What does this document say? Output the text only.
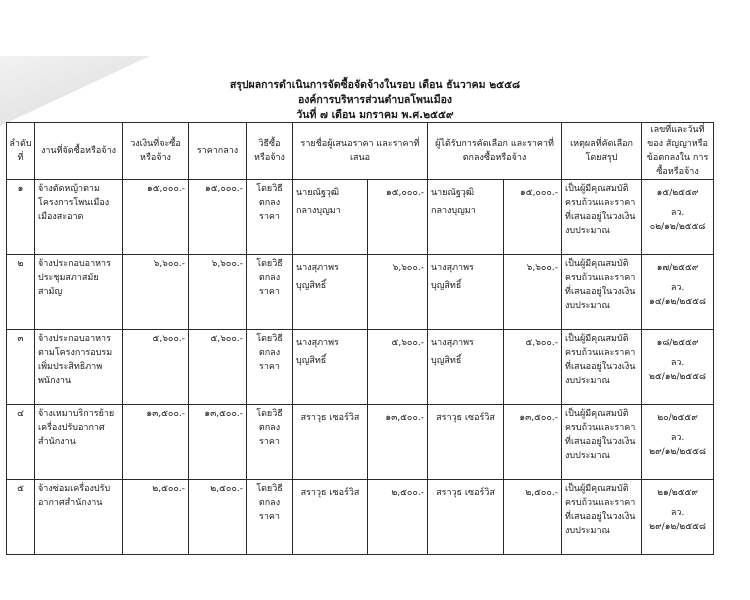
สรุปผลการดำเนินการจัดซื้อจัดจ้างในรอบ เดือน ธันวาคม ๒๕๕๘
องค์การบริหารส่วนตำบลโพนเมือง
วันที่ ๗ เดือน มกราคม พ.ศ.๒๕๕๙
ลำดับ ที่	งานที่จัดซื้อหรือจ้าง	วงเงินที่จะซื้อ หรือจ้าง	ราคากลาง	วิธีซื้อ หรือจ้าง	รายชื่อผู้เสนอราคา และราคาที่เสนอ		ผู้ได้รับการคัดเลือก และราคาที่ตกลงซื้อหรือจ้าง		เหตุผลที่คัดเลือก โดยสรุป	เลขที่และวันที่ของ สัญญาหรือข้อตกลงใน การซื้อหรือจ้าง
๑	จ้างตัดหญ้าตามโครงการโพนเมืองเมืองสะอาด	๑๕,๐๐๐.-	๑๕,๐๐๐.-	โดยวิธีตกลงราคา	นายณัฐวุฒิ
กลางบุญมา	๑๕,๐๐๐.-	นายณัฐวุฒิ
กลางบุญมา	๑๕,๐๐๐.-	เป็นผู้มีคุณสมบัติครบถ้วนและราคาที่เสนออยู่ในวงเงินงบประมาณ	๑๕/๒๕๕๙
ลว. ๐๒/๑๒/๒๕๕๘
๒	จ้างประกอบอาหารประชุมสภาสมัยสามัญ	๖,๖๐๐.-	๖,๖๐๐.-	โดยวิธีตกลงราคา	นางสุภาพร
บุญสิทธิ์	๖,๖๐๐.-	นางสุภาพร
บุญสิทธิ์	๖,๖๐๐.-	เป็นผู้มีคุณสมบัติครบถ้วนและราคาที่เสนออยู่ในวงเงินงบประมาณ	๑๗/๒๕๕๙
ลว. ๑๔/๑๒/๒๕๕๘
๓	จ้างประกอบอาหารตามโครงการอบรมเพิ่มประสิทธิภาพพนักงาน	๕,๖๐๐.-	๕,๖๐๐.-	โดยวิธีตกลงราคา	นางสุภาพร
บุญสิทธิ์	๕,๖๐๐.-	นางสุภาพร
บุญสิทธิ์	๕,๖๐๐.-	เป็นผู้มีคุณสมบัติครบถ้วนและราคาที่เสนออยู่ในวงเงินงบประมาณ	๑๘/๒๕๕๙
ลว. ๒๕/๑๒/๒๕๕๘
๔	จ้างเหมาบริการย้ายเครื่องปรับอากาศสำนักงาน	๑๓,๕๐๐.-	๑๓,๕๐๐.-	โดยวิธีตกลงราคา	สราวุธ เซอร์วิส	๑๓,๕๐๐.-	สราวุธ เซอร์วิส	๑๓,๕๐๐.-	เป็นผู้มีคุณสมบัติครบถ้วนและราคาที่เสนออยู่ในวงเงินงบประมาณ	๒๐/๒๕๕๙
ลว. ๒๙/๑๒/๒๕๕๘
๕	จ้างซ่อมเครื่องปรับอากาศสำนักงาน	๒,๕๐๐.-	๒,๕๐๐.-	โดยวิธีตกลงราคา	สราวุธ เซอร์วิส	๒,๕๐๐.-	สราวุธ เซอร์วิส	๒,๕๐๐.-	เป็นผู้มีคุณสมบัติครบถ้วนและราคาที่เสนออยู่ในวงเงินงบประมาณ	๒๑/๒๕๕๙
ลว. ๒๙/๑๒/๒๕๕๘
